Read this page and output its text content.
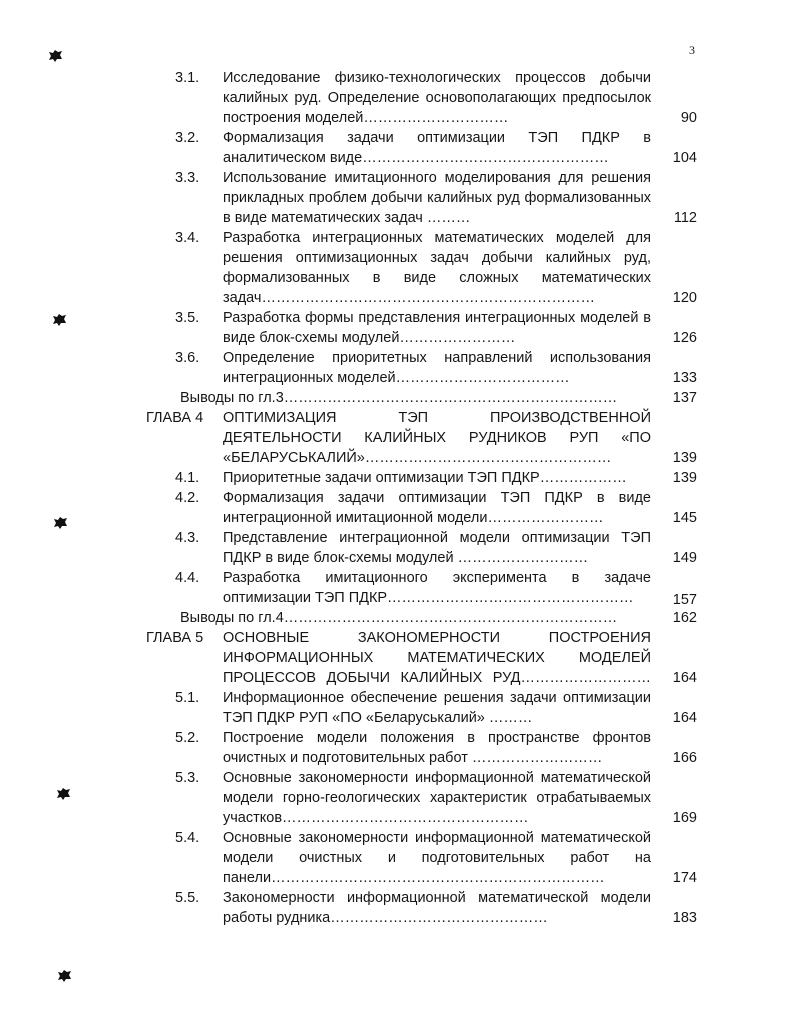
3
3.1. Исследование физико-технологических процессов добычи калийных руд. Определение основополагающих предпосылок построения моделей…………………………	90
3.2. Формализация задачи оптимизации ТЭП ПДКР в аналитическом виде……………………………………………	104
3.3. Использование имитационного моделирования для решения прикладных проблем добычи калийных руд формализованных в виде математических задач ………	112
3.4. Разработка интеграционных математических моделей для решения оптимизационных задач добычи калийных руд, формализованных в виде сложных математических задач……………………………………………………………	120
3.5. Разработка формы представления интеграционных моделей в виде блок-схемы модулей……………………	126
3.6. Определение приоритетных направлений использования интеграционных моделей………………………………	133
Выводы по гл.3……………………………………………………………	137
ГЛАВА 4 ОПТИМИЗАЦИЯ ТЭП ПРОИЗВОДСТВЕННОЙ ДЕЯТЕЛЬНОСТИ КАЛИЙНЫХ РУДНИКОВ РУП «ПО «БЕЛАРУСЬКАЛИЙ»……………………………………………	139
4.1. Приоритетные задачи оптимизации ТЭП ПДКР………………	139
4.2. Формализация задачи оптимизации ТЭП ПДКР в виде интеграционной имитационной модели……………………	145
4.3. Представление интеграционной модели оптимизации ТЭП ПДКР в виде блок-схемы модулей ………………………	149
4.4. Разработка имитационного эксперимента в задаче оптимизации ТЭП ПДКР……………………………………………	157
Выводы по гл.4……………………………………………………………	162
ГЛАВА 5 ОСНОВНЫЕ ЗАКОНОМЕРНОСТИ ПОСТРОЕНИЯ ИНФОРМАЦИОННЫХ МАТЕМАТИЧЕСКИХ МОДЕЛЕЙ ПРОЦЕССОВ ДОБЫЧИ КАЛИЙНЫХ РУД………………………	164
5.1. Информационное обеспечение решения задачи оптимизации ТЭП ПДКР РУП «ПО «Беларуськалий» ………	164
5.2. Построение модели положения в пространстве фронтов очистных и подготовительных работ ………………………	166
5.3. Основные закономерности информационной математической модели горно-геологических характеристик отрабатываемых участков……………………………………………	169
5.4. Основные закономерности информационной математической модели очистных и подготовительных работ на панели……………………………………………………………	174
5.5. Закономерности информационной математической модели работы рудника………………………………………	183
